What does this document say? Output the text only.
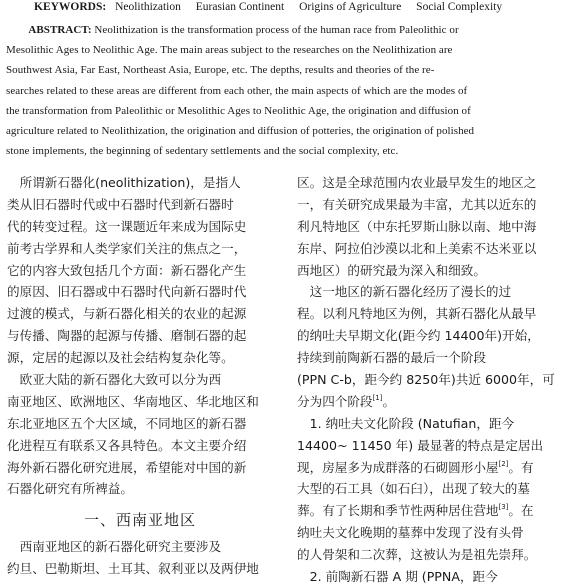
KEYWORDS: Neolithization Eurasian Continent Origins of Agriculture Social Complexity
ABSTRACT: Neolithization is the transformation process of the human race from Paleolithic or
Mesolithic Ages to Neolithic Age. The main areas subject to the researches on the Neolithization are
Southwest Asia, Far East, Northeast Asia, Europe, etc. The depths, results and theories of the re-
searches related to these areas are different from each other, the main aspects of which are the modes of
the transformation from Paleolithic or Mesolithic Ages to Neolithic Age, the origination and diffusion of
agriculture related to Neolithization, the origination and diffusion of potteries, the origination of polished
stone implements, the beginning of sedentary settlements and the social complexity, etc.
　所谓新石器化(neolithization)，是指人
类从旧石器时代或中石器时代到新石器时
代的转变过程。这一课题近年来成为国际史
前考古学界和人类学家们关注的焦点之一，
它的内容大致包括几个方面：新石器化产生
的原因、旧石器或中石器时代向新石器时代
过渡的模式，与新石器化相关的农业的起源
与传播、陶器的起源与传播、磨制石器的起
源，定居的起源以及社会结构复杂化等。
　欧亚大陆的新石器化大致可以分为西
南亚地区、欧洲地区、华南地区、华北地区和
东北亚地区五个大区域，不同地区的新石器
化进程互有联系又各具特色。本文主要介绍
海外新石器化研究进展，希望能对中国的新
石器化研究有所裨益。
一、西南亚地区
　西南亚地区的新石器化研究主要涉及
约旦、巴勒斯坦、土耳其、叙利亚以及两伊地
区。这是全球范围内农业最早发生的地区之
一，有关研究成果最为丰富，尤其以近东的
利凡特地区（中东托罗斯山脉以南、地中海
东岸、阿拉伯沙漠以北和上美索不达米亚以
西地区）的研究最为深入和细致。
　这一地区的新石器化经历了漫长的过
程。以利凡特地区为例，其新石器化从最早
的纳吐夫早期文化(距今约 14400年)开始，
持续到前陶新石器的最后一个阶段
(PPN C-b，距今约 8250年)共近 6000年，可
分为四个阶段[1]。
　1. 纳吐夫文化阶段 (Natufian，距今
14400~ 11450 年) 最显著的特点是定居出
现，房屋多为成群落的石砌圆形小屋[2]。有
大型的石工具（如石臼），出现了较大的墓
葬。有了长期和季节性两种居住营地[3]。在
纳吐夫文化晚期的墓葬中发现了没有头骨
的人骨架和二次葬，这被认为是祖先崇拜。
　2. 前陶新石器 A 期 (PPNA，距今
